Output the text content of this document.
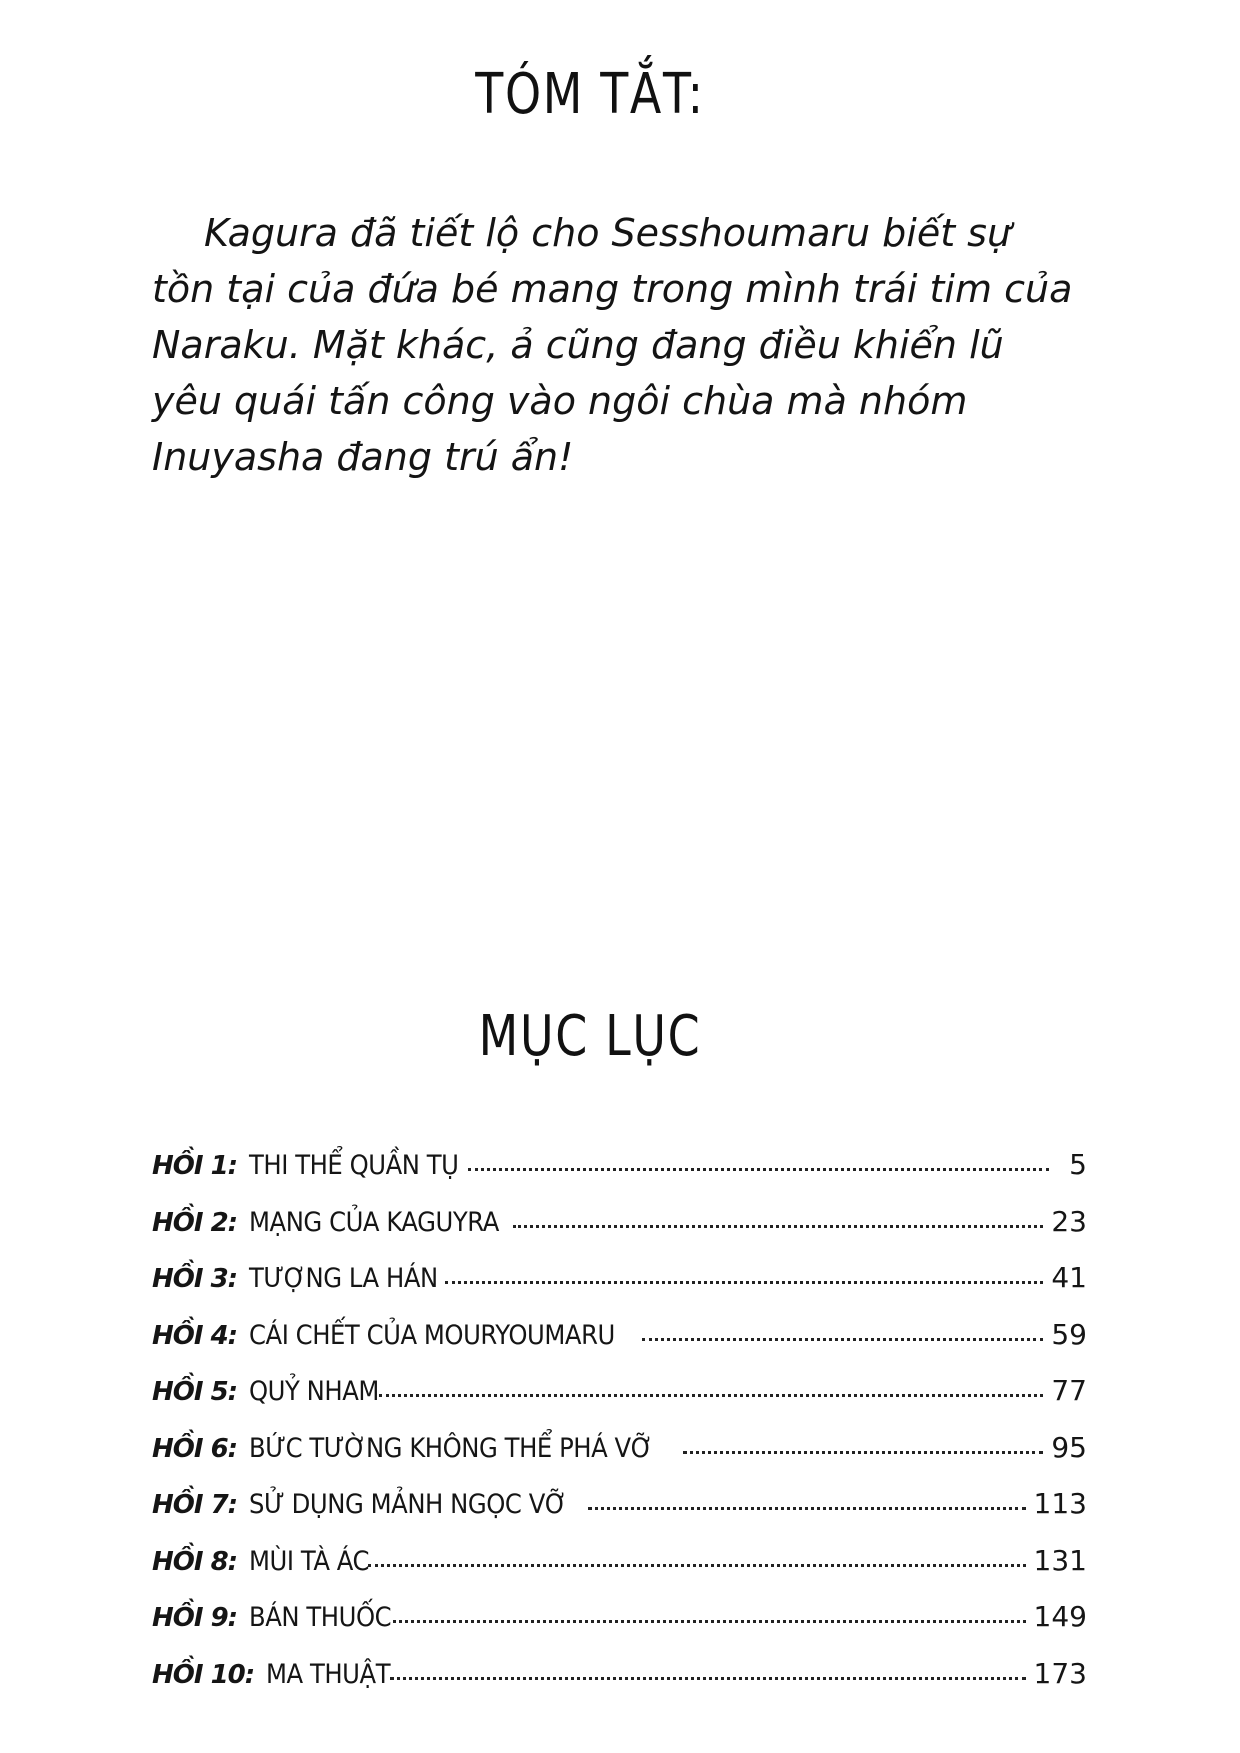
TÓM TẮT:

Kagura đã tiết lộ cho Sesshoumaru biết sự tồn tại của đứa bé mang trong mình trái tim của Naraku. Mặt khác, ả cũng đang điều khiển lũ yêu quái tấn công vào ngôi chùa mà nhóm Inuyasha đang trú ẩn!

MỤC LỤC
HỒI 1: THI THỂ QUẦN TỤ	5
HỒI 2: MẠNG CỦA KAGUYRA	23
HỒI 3: TƯỢNG LA HÁN	41
HỒI 4: CÁI CHẾT CỦA MOURYOUMARU	59
HỒI 5: QUỶ NHAM	77
HỒI 6: BỨC TƯỜNG KHÔNG THỂ PHÁ VỠ	95
HỒI 7: SỬ DỤNG MẢNH NGỌC VỠ	113
HỒI 8: MÙI TÀ ÁC	131
HỒI 9: BÁN THUỐC	149
HỒI 10: MA THUẬT	173
